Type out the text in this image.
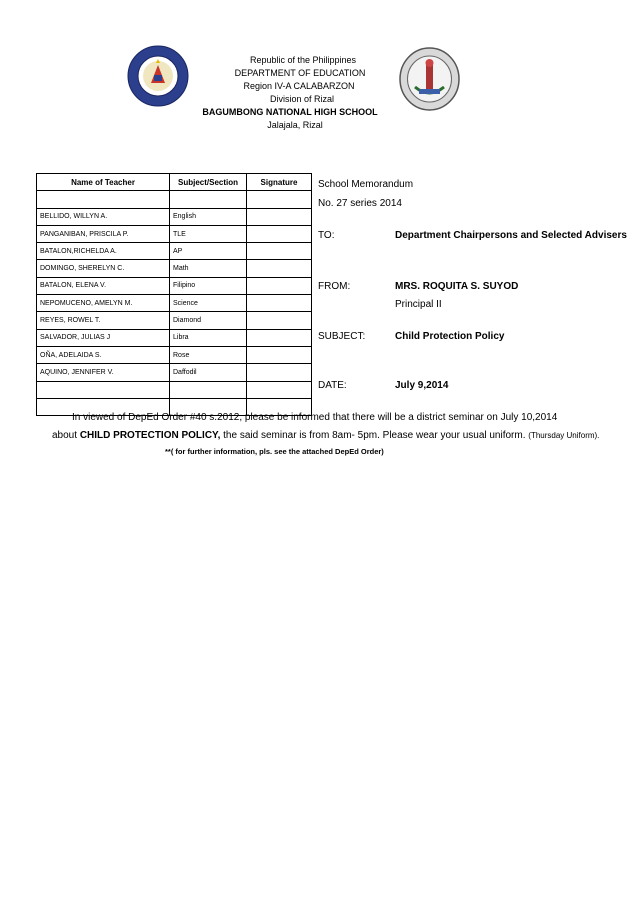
Republic of the Philippines
DEPARTMENT OF EDUCATION
Region IV-A CALABARZON
Division of Rizal
BAGUMBONG NATIONAL HIGH SCHOOL
Jalajala, Rizal
Name of Teacher	Subject/Section	Signature

BELLIDO, WILLYN A.	English	
PANGANIBAN, PRISCILA P.	TLE	
BATALON,RICHELDA A.	AP	
DOMINGO, SHERELYN C.	Math	
BATALON, ELENA V.	Filipino	
NEPOMUCENO, AMELYN M.	Science	
REYES, ROWEL T.	Diamond	
SALVADOR, JULIAS J	Libra	
OÑA, ADELAIDA S.	Rose	
AQUINO, JENNIFER V.	Daffodil	

School Memorandum
No. 27 series 2014
TO:	Department Chairpersons and Selected Advisers
FROM:	MRS. ROQUITA S. SUYOD
Principal II
SUBJECT:	Child Protection Policy
DATE:	July 9,2014
In viewed of DepEd Order #40 s.2012, please be informed that there will be a district seminar on July 10,2014
about CHILD PROTECTION POLICY, the said seminar is from 8am- 5pm. Please wear your usual uniform. (Thursday Uniform).
**( for further information, pls. see the attached DepEd Order)
